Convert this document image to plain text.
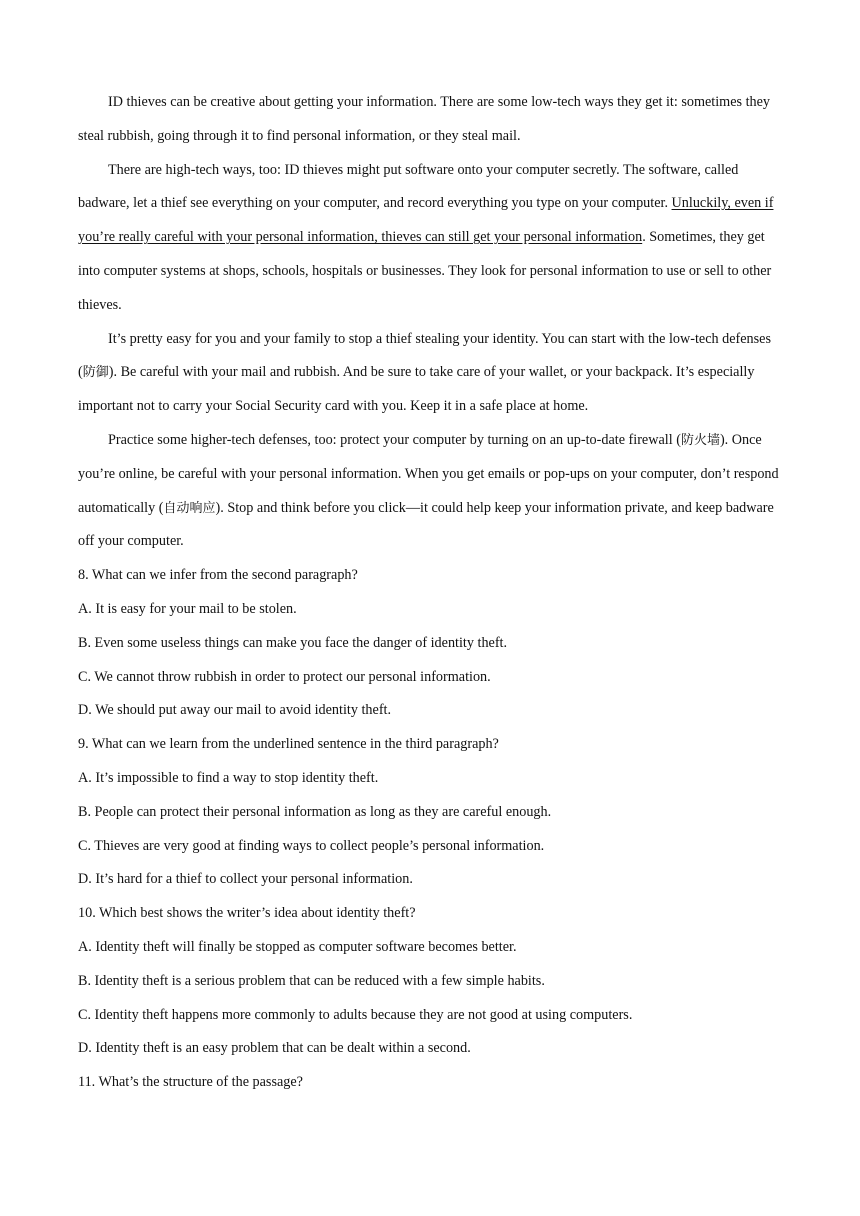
ID thieves can be creative about getting your information. There are some low-tech ways they get it: sometimes they steal rubbish, going through it to find personal information, or they steal mail.

There are high-tech ways, too: ID thieves might put software onto your computer secretly. The software, called badware, let a thief see everything on your computer, and record everything you type on your computer. Unluckily, even if you’re really careful with your personal information, thieves can still get your personal information. Sometimes, they get into computer systems at shops, schools, hospitals or businesses. They look for personal information to use or sell to other thieves.

It’s pretty easy for you and your family to stop a thief stealing your identity. You can start with the low-tech defenses (防御). Be careful with your mail and rubbish. And be sure to take care of your wallet, or your backpack. It’s especially important not to carry your Social Security card with you. Keep it in a safe place at home.

Practice some higher-tech defenses, too: protect your computer by turning on an up-to-date firewall (防火墙). Once you’re online, be careful with your personal information. When you get emails or pop-ups on your computer, don’t respond automatically (自动响应). Stop and think before you click—it could help keep your information private, and keep badware off your computer.

8. What can we infer from the second paragraph?

A. It is easy for your mail to be stolen.

B. Even some useless things can make you face the danger of identity theft.

C. We cannot throw rubbish in order to protect our personal information.

D. We should put away our mail to avoid identity theft.

9. What can we learn from the underlined sentence in the third paragraph?

A. It’s impossible to find a way to stop identity theft.

B. People can protect their personal information as long as they are careful enough.

C. Thieves are very good at finding ways to collect people’s personal information.

D. It’s hard for a thief to collect your personal information.

10. Which best shows the writer’s idea about identity theft?

A. Identity theft will finally be stopped as computer software becomes better.

B. Identity theft is a serious problem that can be reduced with a few simple habits.

C. Identity theft happens more commonly to adults because they are not good at using computers.

D. Identity theft is an easy problem that can be dealt within a second.

11. What’s the structure of the passage?
